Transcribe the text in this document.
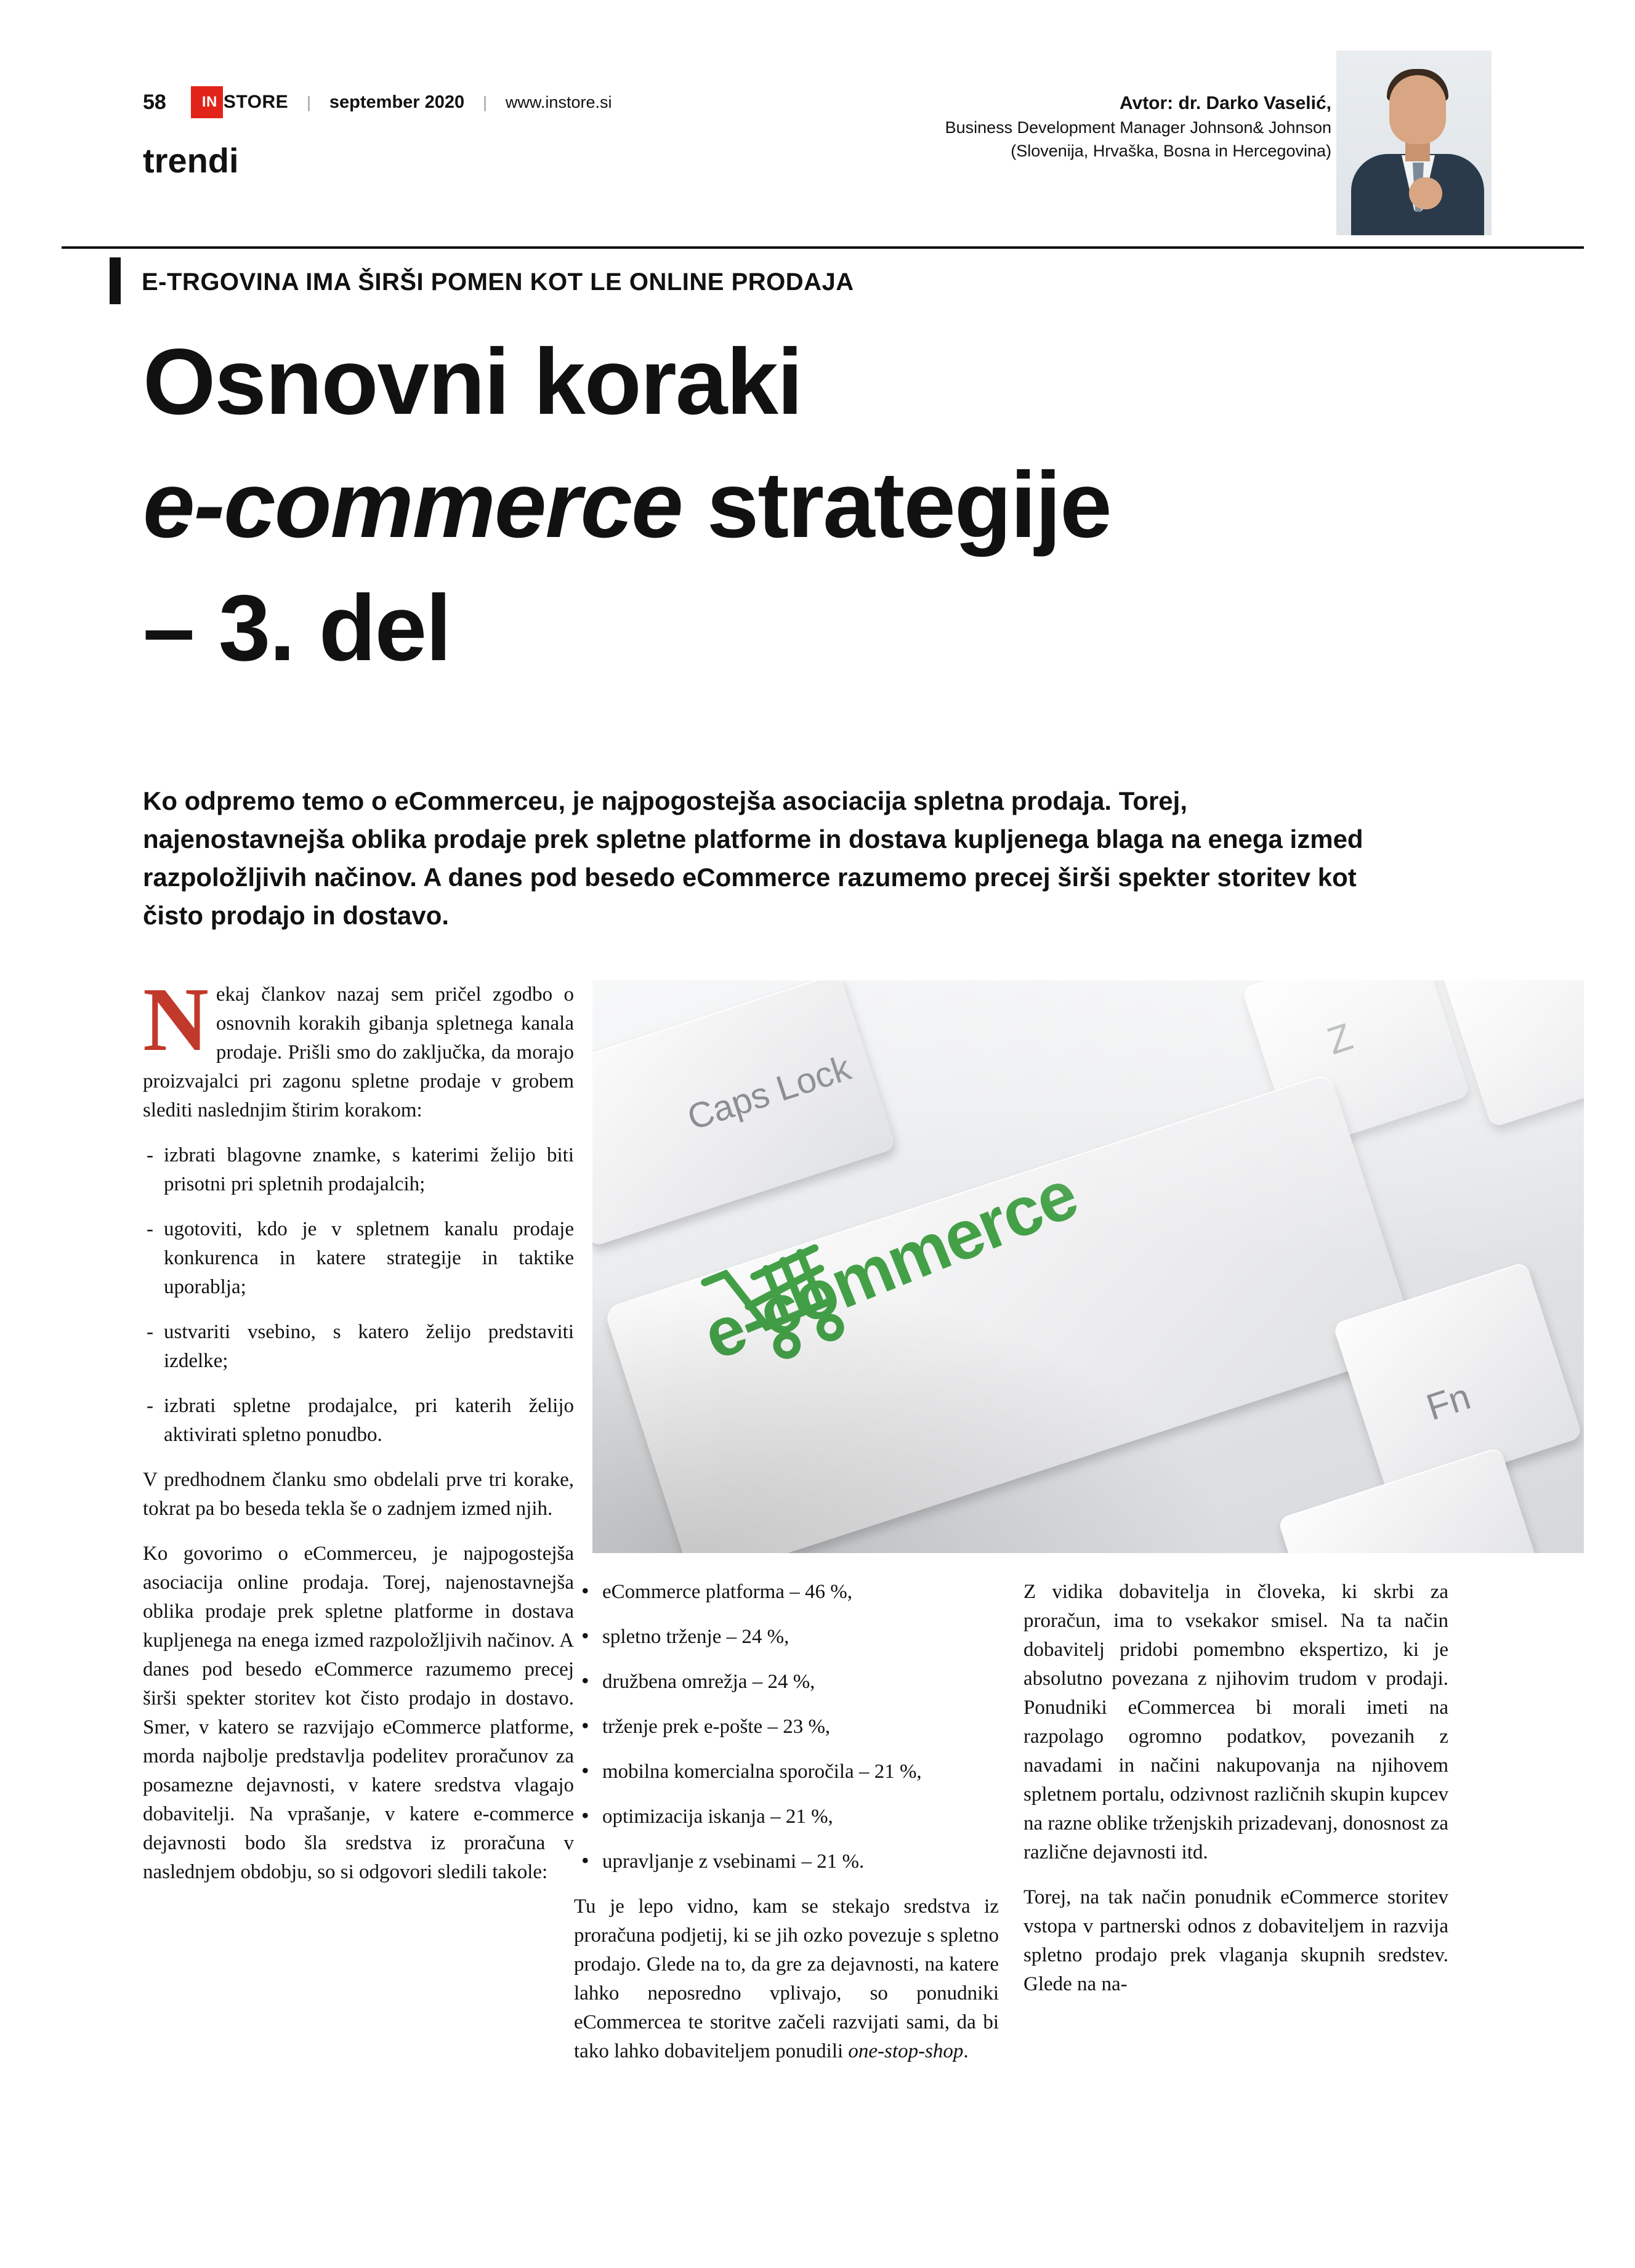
58 IN STORE | september 2020 | www.instore.si
trendi
Avtor: dr. Darko Vaselić,
Business Development Manager Johnson& Johnson
(Slovenija, Hrvaška, Bosna in Hercegovina)
E-TRGOVINA IMA ŠIRŠI POMEN KOT LE ONLINE PRODAJA
Osnovni koraki
e-commerce strategije
– 3. del
Ko odpremo temo o eCommerceu, je najpogostejša asociacija spletna prodaja. Torej, najenostavnejša oblika prodaje prek spletne platforme in dostava kupljenega blaga na enega izmed razpoložljivih načinov. A danes pod besedo eCommerce razumemo precej širši spekter storitev kot čisto prodajo in dostavo.

Nekaj člankov nazaj sem pričel zgodbo o osnovnih korakih gibanja spletnega kanala prodaje. Prišli smo do zaključka, da morajo proizvajalci pri zagonu spletne prodaje v grobem slediti naslednjim štirim korakom:

- izbrati blagovne znamke, s katerimi želijo biti prisotni pri spletnih prodajalcih;
- ugotoviti, kdo je v spletnem kanalu prodaje konkurenca in katere strategije in taktike uporablja;
- ustvariti vsebino, s katero želijo predstaviti izdelke;
- izbrati spletne prodajalce, pri katerih želijo aktivirati spletno ponudbo.

V predhodnem članku smo obdelali prve tri korake, tokrat pa bo beseda tekla še o zadnjem izmed njih.

Ko govorimo o eCommerceu, je najpogostejša asociacija online prodaja. Torej, najenostavnejša oblika prodaje prek spletne platforme in dostava kupljenega na enega izmed razpoložljivih načinov. A danes pod besedo eCommerce razumemo precej širši spekter storitev kot čisto prodajo in dostavo. Smer, v katero se razvijajo eCommerce platforme, morda najbolje predstavlja podelitev proračunov za posamezne dejavnosti, v katere sredstva vlagajo dobavitelji. Na vprašanje, v katere e-commerce dejavnosti bodo šla sredstva iz proračuna v naslednjem obdobju, so si odgovori sledili takole:

• eCommerce platforma – 46 %,
• spletno trženje – 24 %,
• družbena omrežja – 24 %,
• trženje prek e-pošte – 23 %,
• mobilna komercialna sporočila – 21 %,
• optimizacija iskanja – 21 %,
• upravljanje z vsebinami – 21 %.

Tu je lepo vidno, kam se stekajo sredstva iz proračuna podjetij, ki se jih ozko povezuje s spletno prodajo. Glede na to, da gre za dejavnosti, na katere lahko neposredno vplivajo, so ponudniki eCommercea te storitve začeli razvijati sami, da bi tako lahko dobaviteljem ponudili one-stop-shop.

Z vidika dobavitelja in človeka, ki skrbi za proračun, ima to vsekakor smisel. Na ta način dobavitelj pridobi pomembno ekspertizo, ki je absolutno povezana z njihovim trudom v prodaji. Ponudniki eCommercea bi morali imeti na razpolago ogromno podatkov, povezanih z navadami in načini nakupovanja na njihovem spletnem portalu, odzivnost različnih skupin kupcev na razne oblike trženjskih prizadevanj, donosnost za različne dejavnosti itd.

Torej, na tak način ponudnik eCommerce storitev vstopa v partnerski odnos z dobaviteljem in razvija spletno prodajo prek vlaganja skupnih sredstev. Glede na na-
